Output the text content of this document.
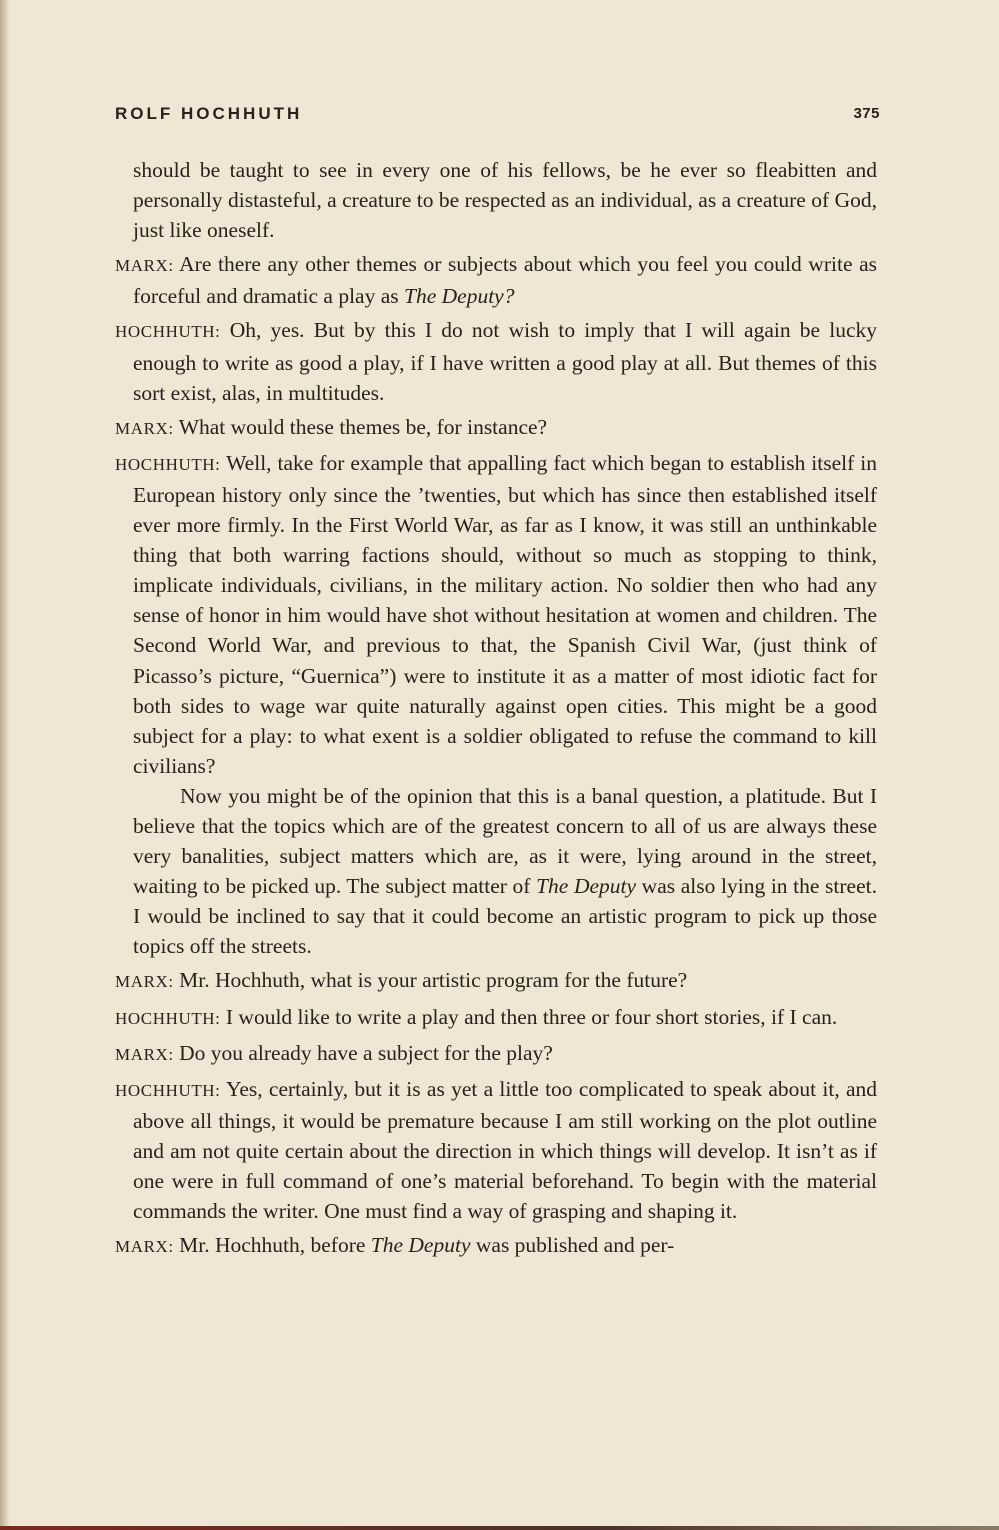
ROLF HOCHHUTH	375

should be taught to see in every one of his fellows, be he ever so fleabitten and personally distasteful, a creature to be respected as an individual, as a creature of God, just like oneself.

MARX: Are there any other themes or subjects about which you feel you could write as forceful and dramatic a play as The Deputy?

HOCHHUTH: Oh, yes. But by this I do not wish to imply that I will again be lucky enough to write as good a play, if I have written a good play at all. But themes of this sort exist, alas, in multitudes.

MARX: What would these themes be, for instance?

HOCHHUTH: Well, take for example that appalling fact which began to establish itself in European history only since the ’twenties, but which has since then established itself ever more firmly. In the First World War, as far as I know, it was still an unthinkable thing that both warring factions should, without so much as stopping to think, implicate individuals, civilians, in the military action. No soldier then who had any sense of honor in him would have shot without hesitation at women and children. The Second World War, and previous to that, the Spanish Civil War, (just think of Picasso’s picture, “Guernica”) were to institute it as a matter of most idiotic fact for both sides to wage war quite naturally against open cities. This might be a good subject for a play: to what exent is a soldier obligated to refuse the command to kill civilians?

Now you might be of the opinion that this is a banal question, a platitude. But I believe that the topics which are of the greatest concern to all of us are always these very banalities, subject matters which are, as it were, lying around in the street, waiting to be picked up. The subject matter of The Deputy was also lying in the street. I would be inclined to say that it could become an artistic program to pick up those topics off the streets.

MARX: Mr. Hochhuth, what is your artistic program for the future?

HOCHHUTH: I would like to write a play and then three or four short stories, if I can.

MARX: Do you already have a subject for the play?

HOCHHUTH: Yes, certainly, but it is as yet a little too complicated to speak about it, and above all things, it would be premature because I am still working on the plot outline and am not quite certain about the direction in which things will develop. It isn’t as if one were in full command of one’s material beforehand. To begin with the material commands the writer. One must find a way of grasping and shaping it.

MARX: Mr. Hochhuth, before The Deputy was published and per-
